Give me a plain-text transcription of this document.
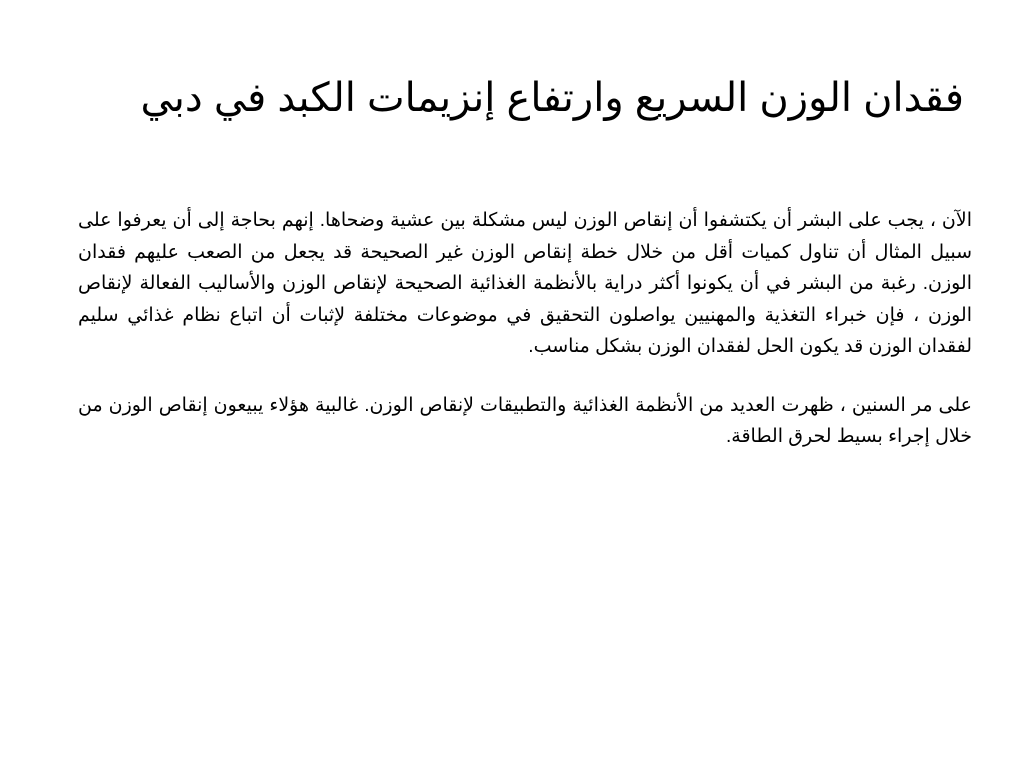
فقدان الوزن السريع وارتفاع إنزيمات الكبد في دبي

الآن ، يجب على البشر أن يكتشفوا أن إنقاص الوزن ليس مشكلة بين عشية وضحاها. إنهم بحاجة إلى أن يعرفوا على سبيل المثال أن تناول كميات أقل من خلال خطة إنقاص الوزن غير الصحيحة قد يجعل من الصعب عليهم فقدان الوزن. رغبة من البشر في أن يكونوا أكثر دراية بالأنظمة الغذائية الصحيحة لإنقاص الوزن والأساليب الفعالة لإنقاص الوزن ، فإن خبراء التغذية والمهنيين يواصلون التحقيق في موضوعات مختلفة لإثبات أن اتباع نظام غذائي سليم لفقدان الوزن قد يكون الحل لفقدان الوزن بشكل مناسب.

على مر السنين ، ظهرت العديد من الأنظمة الغذائية والتطبيقات لإنقاص الوزن. غالبية هؤلاء يبيعون إنقاص الوزن من خلال إجراء بسيط لحرق الطاقة.
